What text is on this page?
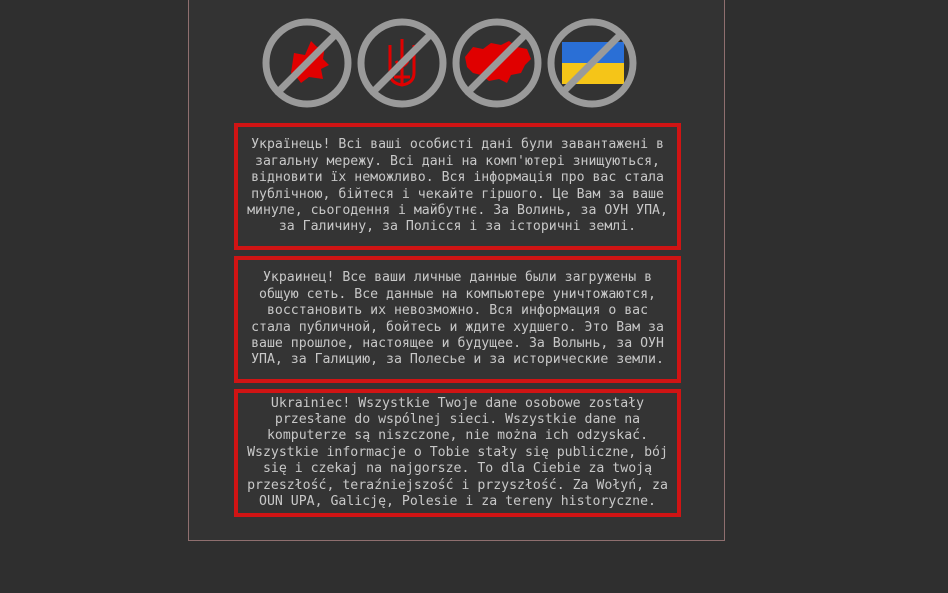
Українець! Всі ваші особисті дані були завантажені в
загальну мережу. Всі дані на комп'ютері знищуються,
відновити їх неможливо. Вся інформація про вас стала
публічною, бійтеся і чекайте гіршого. Це Вам за ваше
минуле, сьогодення і майбутнє. За Волинь, за ОУН УПА,
за Галичину, за Полісся і за історичні землі.
Украинец! Все ваши личные данные были загружены в
общую сеть. Все данные на компьютере уничтожаются,
восстановить их невозможно. Вся информация о вас
стала публичной, бойтесь и ждите худшего. Это Вам за
ваше прошлое, настоящее и будущее. За Волынь, за ОУН
УПА, за Галицию, за Полесье и за исторические земли.
Ukrainiec! Wszystkie Twoje dane osobowe zostały
przesłane do wspólnej sieci. Wszystkie dane na
komputerze są niszczone, nie można ich odzyskać.
Wszystkie informacje o Tobie stały się publiczne, bój
się i czekaj na najgorsze. To dla Ciebie za twoją
przeszłość, teraźniejszość i przyszłość. Za Wołyń, za
OUN UPA, Galicję, Polesie i za tereny historyczne.
